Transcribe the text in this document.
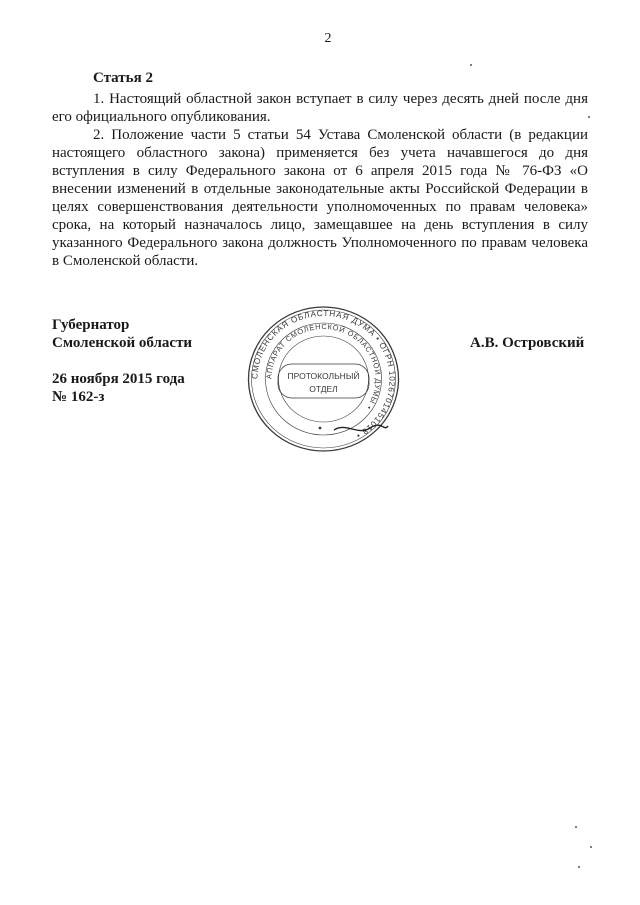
2
Статья 2

1. Настоящий областной закон вступает в силу через десять дней после дня его официального опубликования.

2. Положение части 5 статьи 54 Устава Смоленской области (в редакции настоящего областного закона) применяется без учета начавшегося до дня вступления в силу Федерального закона от 6 апреля 2015 года № 76-ФЗ «О внесении изменений в отдельные законодательные акты Российской Федерации в целях совершенствования деятельности уполномоченных по правам человека» срока, на который назначалось лицо, замещавшее на день вступления в силу указанного Федерального закона должность Уполномоченного по правам человека в Смоленской области.

Губернатор
Смоленской области
26 ноября 2015 года
№ 162-з
А.В. Островский
СМОЛЕНСКАЯ ОБЛАСТНАЯ ДУМА • ОГРН 1026701451018 •
АППАРАТ СМОЛЕНСКОЙ ОБЛАСТНОЙ ДУМЫ •
ПРОТОКОЛЬНЫЙ
ОТДЕЛ
